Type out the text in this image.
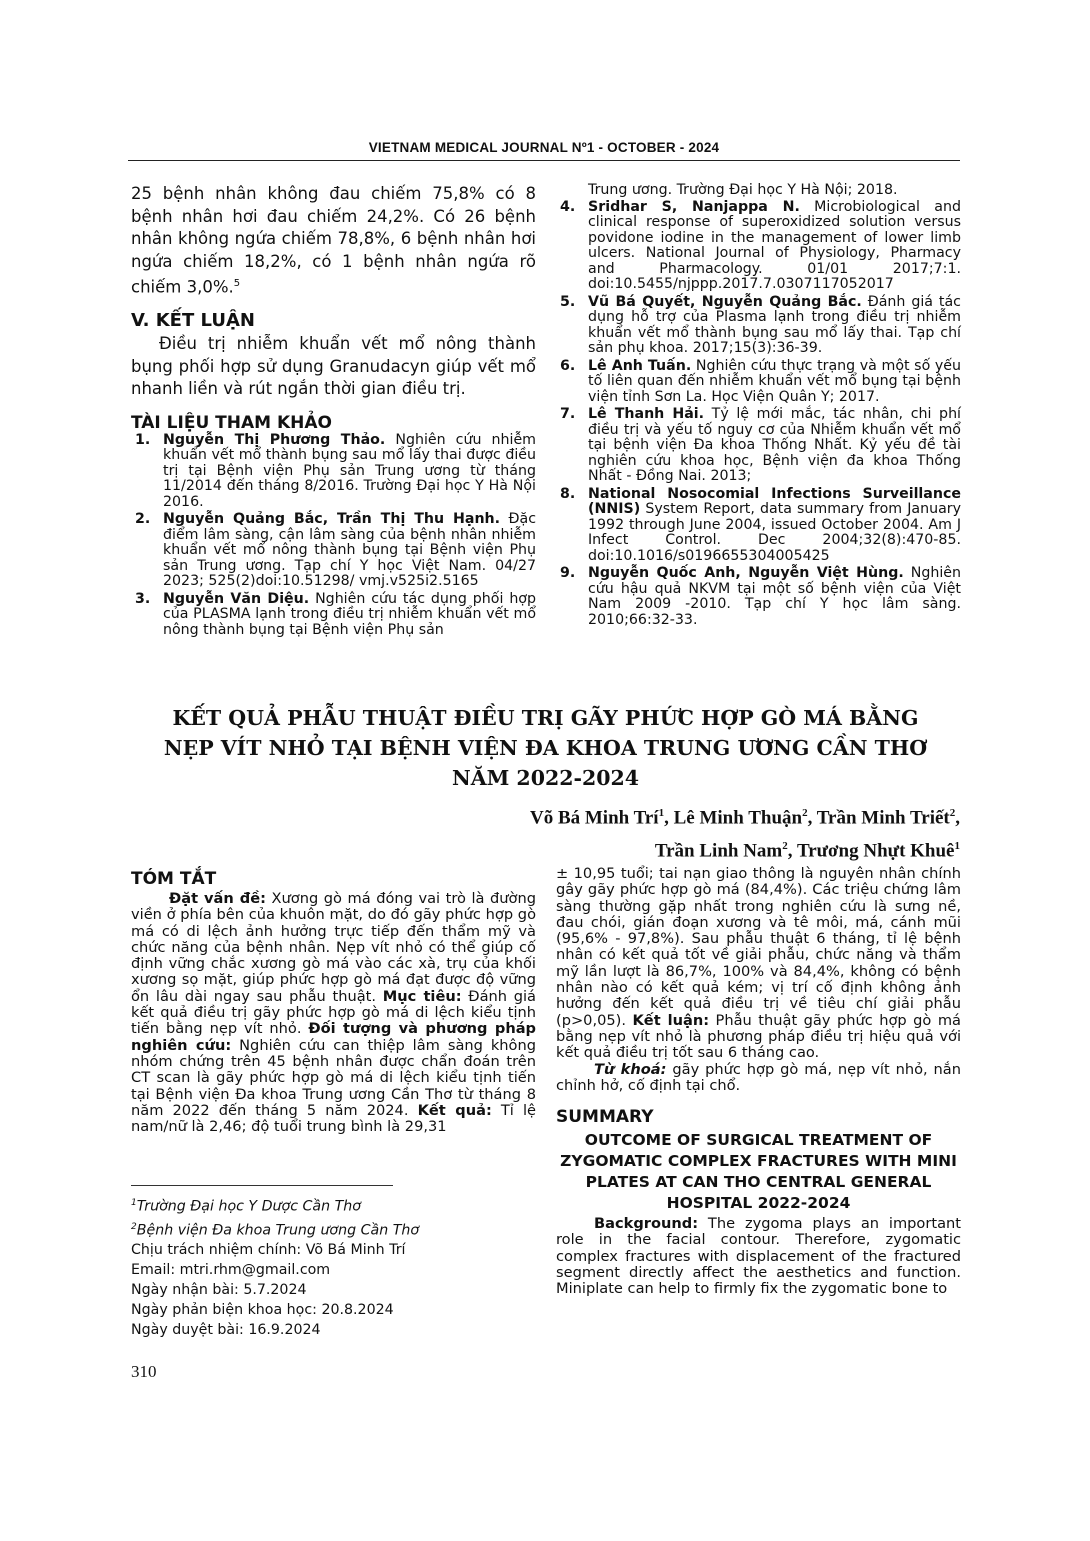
VIETNAM MEDICAL JOURNAL Nº1 - OCTOBER - 2024

25 bệnh nhân không đau chiếm 75,8% có 8 bệnh nhân hơi đau chiếm 24,2%. Có 26 bệnh nhân không ngứa chiếm 78,8%, 6 bệnh nhân hơi ngứa chiếm 18,2%, có 1 bệnh nhân ngứa rõ chiếm 3,0%.$^5$

V. KẾT LUẬN

Điều trị nhiễm khuẩn vết mổ nông thành bụng phối hợp sử dụng Granudacyn giúp vết mổ nhanh liền và rút ngắn thời gian điều trị.

TÀI LIỆU THAM KHẢO
1. Nguyễn Thị Phương Thảo. Nghiên cứu nhiễm khuẩn vết mổ thành bụng sau mổ lấy thai được điều trị tại Bệnh viện Phụ sản Trung ương từ tháng 11/2014 đến tháng 8/2016. Trường Đại học Y Hà Nội 2016.
2. Nguyễn Quảng Bắc, Trần Thị Thu Hạnh. Đặc điểm lâm sàng, cận lâm sàng của bệnh nhân nhiễm khuẩn vết mổ nông thành bụng tại Bệnh viện Phụ sản Trung ương. Tạp chí Y học Việt Nam. 04/27 2023; 525(2)doi:10.51298/ vmj.v525i2.5165
3. Nguyễn Văn Diệu. Nghiên cứu tác dụng phối hợp của PLASMA lạnh trong điều trị nhiễm khuẩn vết mổ nông thành bụng tại Bệnh viện Phụ sản
Trung ương. Trường Đại học Y Hà Nội; 2018.
4. Sridhar S, Nanjappa N. Microbiological and clinical response of superoxidized solution versus povidone iodine in the management of lower limb ulcers. National Journal of Physiology, Pharmacy and Pharmacology. 01/01 2017;7:1. doi:10.5455/njppp.2017.7.0307117052017
5. Vũ Bá Quyết, Nguyễn Quảng Bắc. Đánh giá tác dụng hỗ trợ của Plasma lạnh trong điều trị nhiễm khuẩn vết mổ thành bụng sau mổ lấy thai. Tạp chí sản phụ khoa. 2017;15(3):36-39.
6. Lê Anh Tuấn. Nghiên cứu thực trạng và một số yếu tố liên quan đến nhiễm khuẩn vết mổ bụng tại bệnh viện tỉnh Sơn La. Học Viện Quân Y; 2017.
7. Lê Thanh Hải. Tỷ lệ mới mắc, tác nhân, chi phí điều trị và yếu tố nguy cơ của Nhiễm khuẩn vết mổ tại bệnh viện Đa khoa Thống Nhất. Kỷ yếu đề tài nghiên cứu khoa học, Bệnh viện đa khoa Thống Nhất - Đồng Nai. 2013;
8. National Nosocomial Infections Surveillance (NNIS) System Report, data summary from January 1992 through June 2004, issued October 2004. Am J Infect Control. Dec 2004;32(8):470-85. doi:10.1016/s0196655304005425
9. Nguyễn Quốc Anh, Nguyễn Việt Hùng. Nghiên cứu hậu quả NKVM tại một số bệnh viện của Việt Nam 2009 -2010. Tạp chí Y học lâm sàng. 2010;66:32-33.
KẾT QUẢ PHẪU THUẬT ĐIỀU TRỊ GÃY PHỨC HỢP GÒ MÁ BẰNG
NẸP VÍT NHỎ TẠI BỆNH VIỆN ĐA KHOA TRUNG ƯƠNG CẦN THƠ
NĂM 2022-2024
Võ Bá Minh Trí$^1$, Lê Minh Thuận$^2$, Trần Minh Triết$^2$,
Trần Linh Nam$^2$, Trương Nhựt Khuê$^1$
TÓM TẮT

Đặt vấn đề: Xương gò má đóng vai trò là đường viền ở phía bên của khuôn mặt, do đó gãy phức hợp gò má có di lệch ảnh hưởng trực tiếp đến thẩm mỹ và chức năng của bệnh nhân. Nẹp vít nhỏ có thể giúp cố định vững chắc xương gò má vào các xà, trụ của khối xương sọ mặt, giúp phức hợp gò má đạt được độ vững ổn lâu dài ngay sau phẫu thuật. Mục tiêu: Đánh giá kết quả điều trị gãy phức hợp gò má di lệch kiểu tịnh tiến bằng nẹp vít nhỏ. Đối tượng và phương pháp nghiên cứu: Nghiên cứu can thiệp lâm sàng không nhóm chứng trên 45 bệnh nhân được chẩn đoán trên CT scan là gãy phức hợp gò má di lệch kiểu tịnh tiến tại Bệnh viện Đa khoa Trung ương Cần Thơ từ tháng 8 năm 2022 đến tháng 5 năm 2024. Kết quả: Tỉ lệ nam/nữ là 2,46; độ tuổi trung bình là 29,31

± 10,95 tuổi; tai nạn giao thông là nguyên nhân chính gây gãy phức hợp gò má (84,4%). Các triệu chứng lâm sàng thường gặp nhất trong nghiên cứu là sưng nề, đau chói, gián đoạn xương và tê môi, má, cánh mũi (95,6% - 97,8%). Sau phẫu thuật 6 tháng, tỉ lệ bệnh nhân có kết quả tốt về giải phẫu, chức năng và thẩm mỹ lần lượt là 86,7%, 100% và 84,4%, không có bệnh nhân nào có kết quả kém; vị trí cố định không ảnh hưởng đến kết quả điều trị về tiêu chí giải phẫu (p>0,05). Kết luận: Phẫu thuật gãy phức hợp gò má bằng nẹp vít nhỏ là phương pháp điều trị hiệu quả với kết quả điều trị tốt sau 6 tháng cao.

Từ khoá: gãy phức hợp gò má, nẹp vít nhỏ, nắn chỉnh hở, cố định tại chổ.

SUMMARY
OUTCOME OF SURGICAL TREATMENT OF ZYGOMATIC COMPLEX FRACTURES WITH MINI PLATES AT CAN THO CENTRAL GENERAL HOSPITAL 2022-2024

Background: The zygoma plays an important role in the facial contour. Therefore, zygomatic complex fractures with displacement of the fractured segment directly affect the aesthetics and function. Miniplate can help to firmly fix the zygomatic bone to

$^1$Trường Đại học Y Dược Cần Thơ
$^2$Bệnh viện Đa khoa Trung ương Cần Thơ
Chịu trách nhiệm chính: Võ Bá Minh Trí
Email: mtri.rhm@gmail.com
Ngày nhận bài: 5.7.2024
Ngày phản biện khoa học: 20.8.2024
Ngày duyệt bài: 16.9.2024
310
